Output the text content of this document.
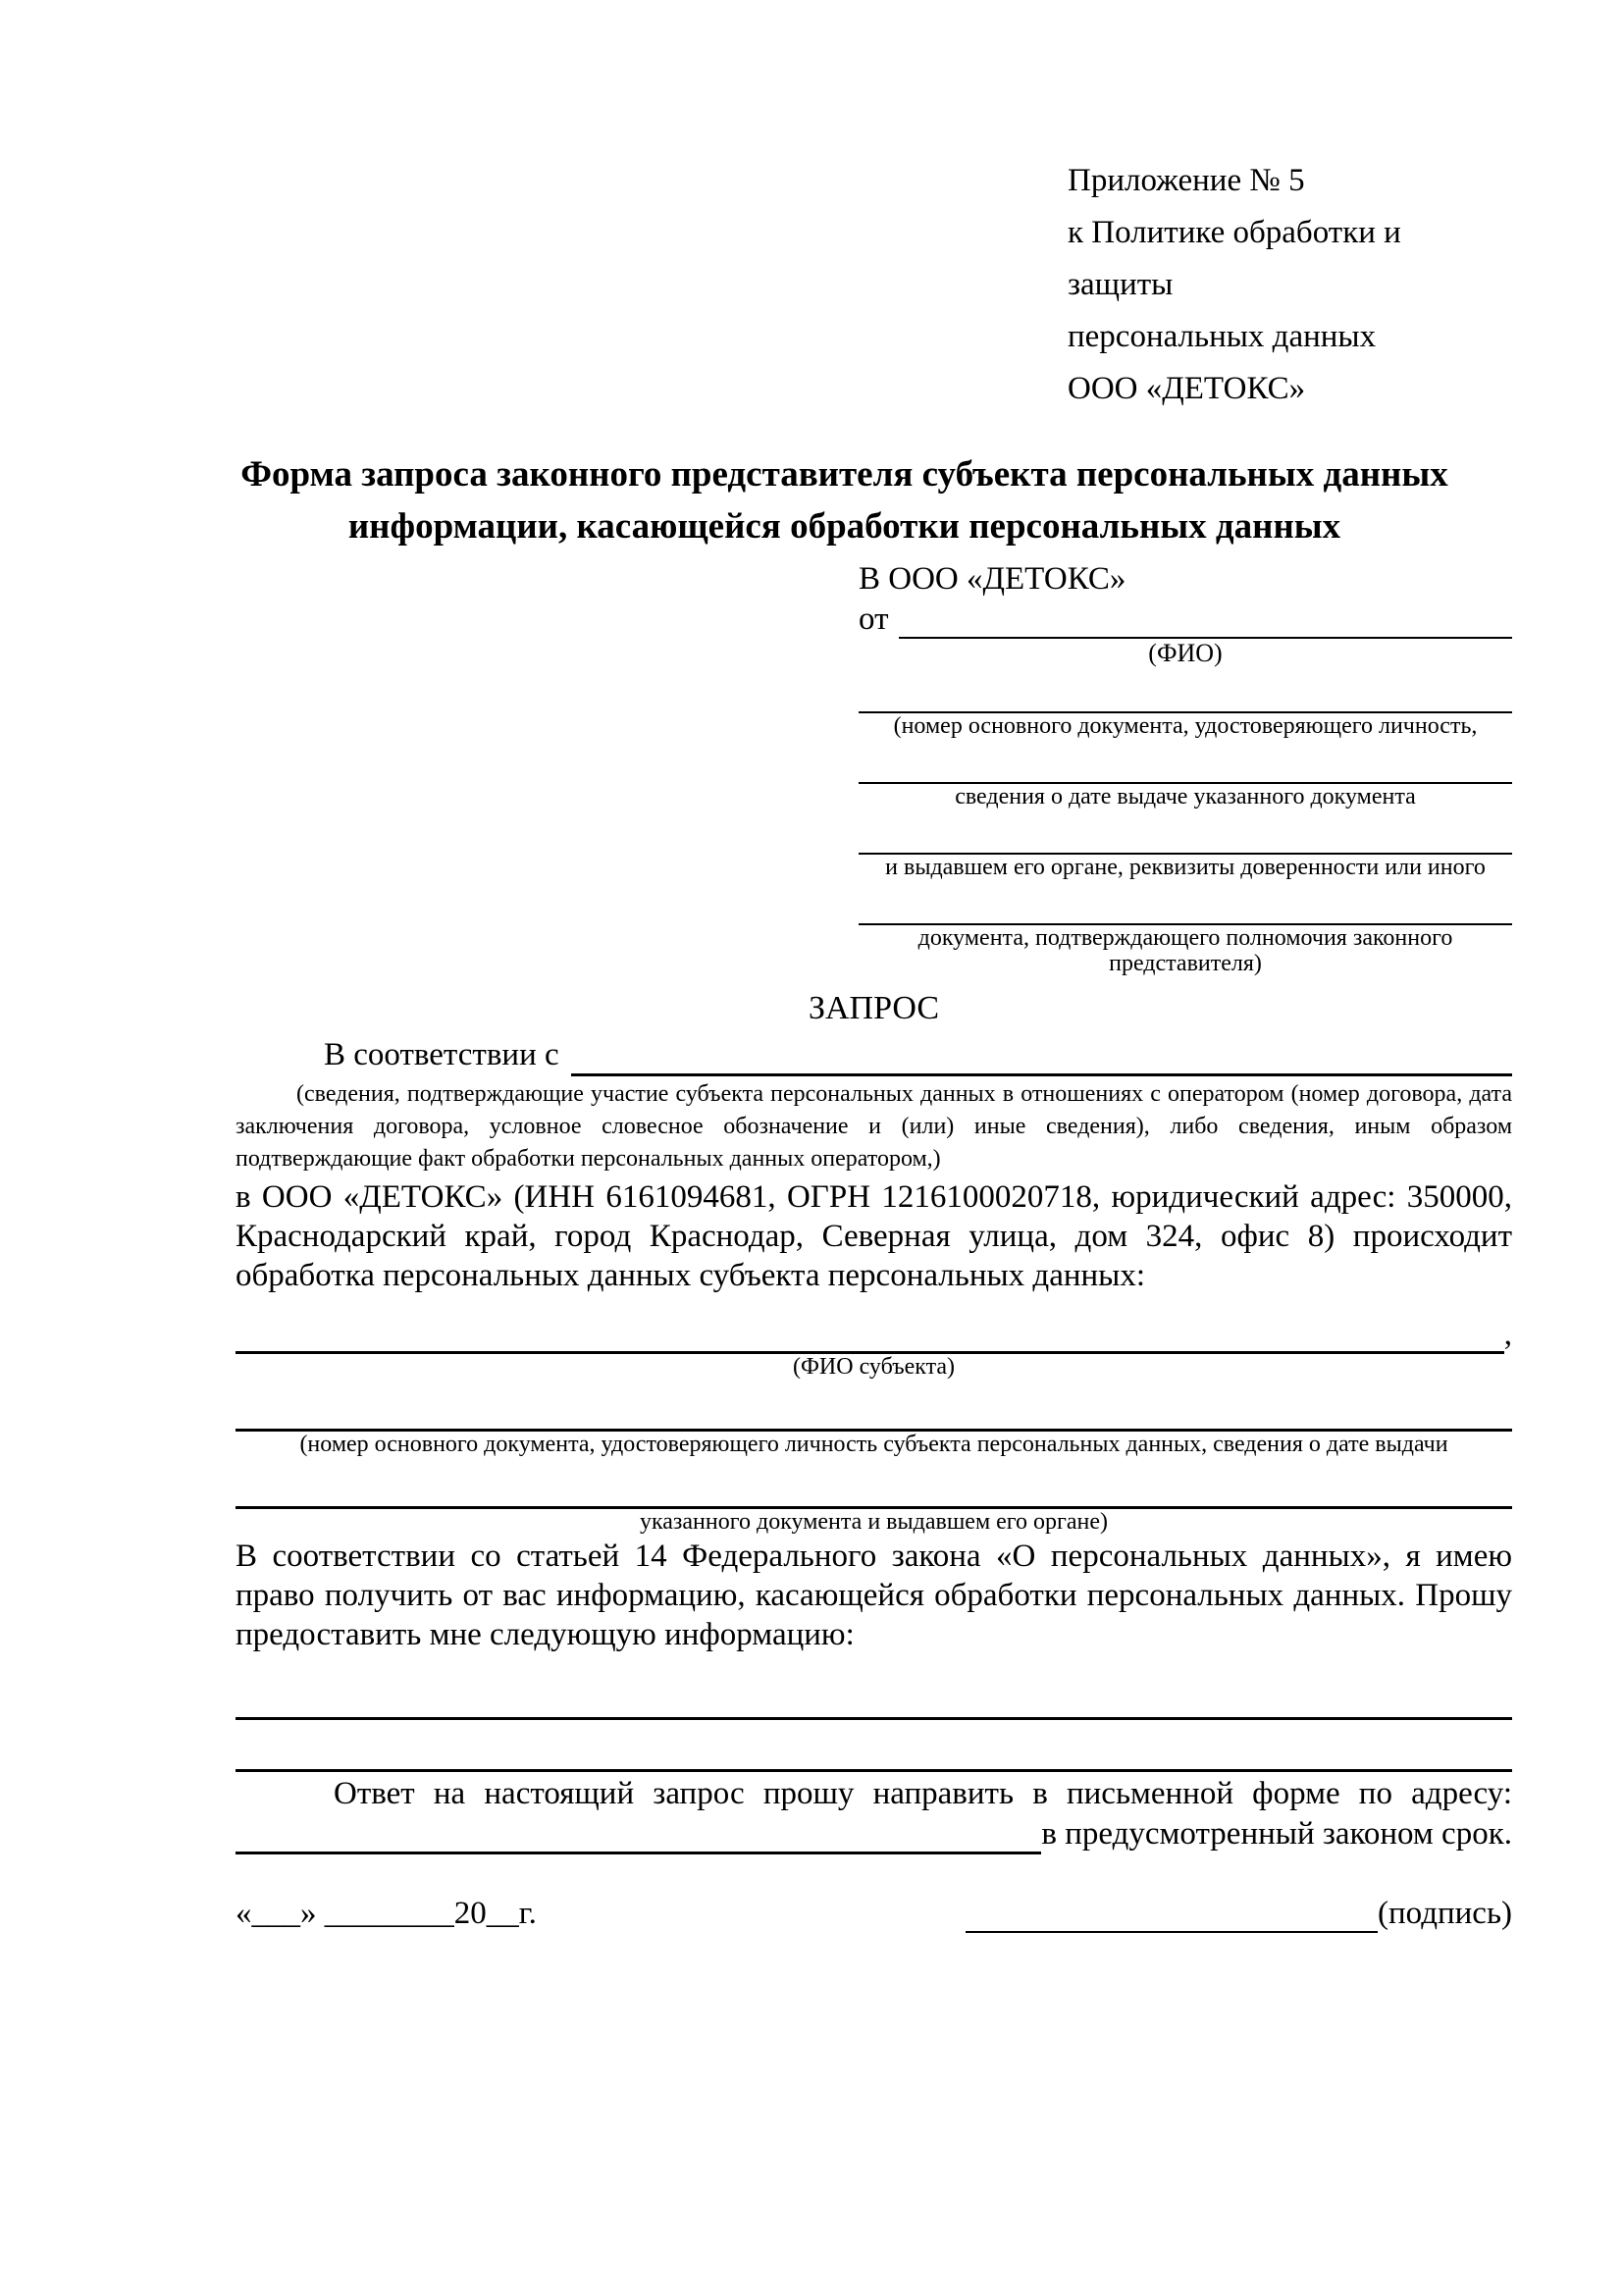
Приложение № 5
к Политике обработки и защиты
персональных данных
ООО «ДЕТОКС»
Форма запроса законного представителя субъекта персональных данных
информации, касающейся обработки персональных данных
В ООО «ДЕТОКС»
от
(ФИО)
(номер основного документа, удостоверяющего личность,
сведения о дате выдаче указанного документа
и выдавшем его органе, реквизиты доверенности или иного
документа, подтверждающего полномочия законного представителя)
ЗАПРОС
В соответствии с
(сведения, подтверждающие участие субъекта персональных данных в отношениях с оператором (номер договора, дата заключения договора, условное словесное обозначение и (или) иные сведения), либо сведения, иным образом подтверждающие факт обработки персональных данных оператором,)
в ООО «ДЕТОКС» (ИНН 6161094681, ОГРН 1216100020718, юридический адрес: 350000, Краснодарский край, город Краснодар, Северная улица, дом 324, офис 8) происходит обработка персональных данных субъекта персональных данных:
,
(ФИО субъекта)
(номер основного документа, удостоверяющего личность субъекта персональных данных, сведения о дате выдачи
указанного документа и выдавшем его органе)
В соответствии со статьей 14 Федерального закона «О персональных данных», я имею право получить от вас информацию, касающейся обработки персональных данных. Прошу предоставить мне следующую информацию:
Ответ на настоящий запрос прошу направить в письменной форме по адресу:
в предусмотренный законом срок.
«___» ________20__г.	(подпись)
